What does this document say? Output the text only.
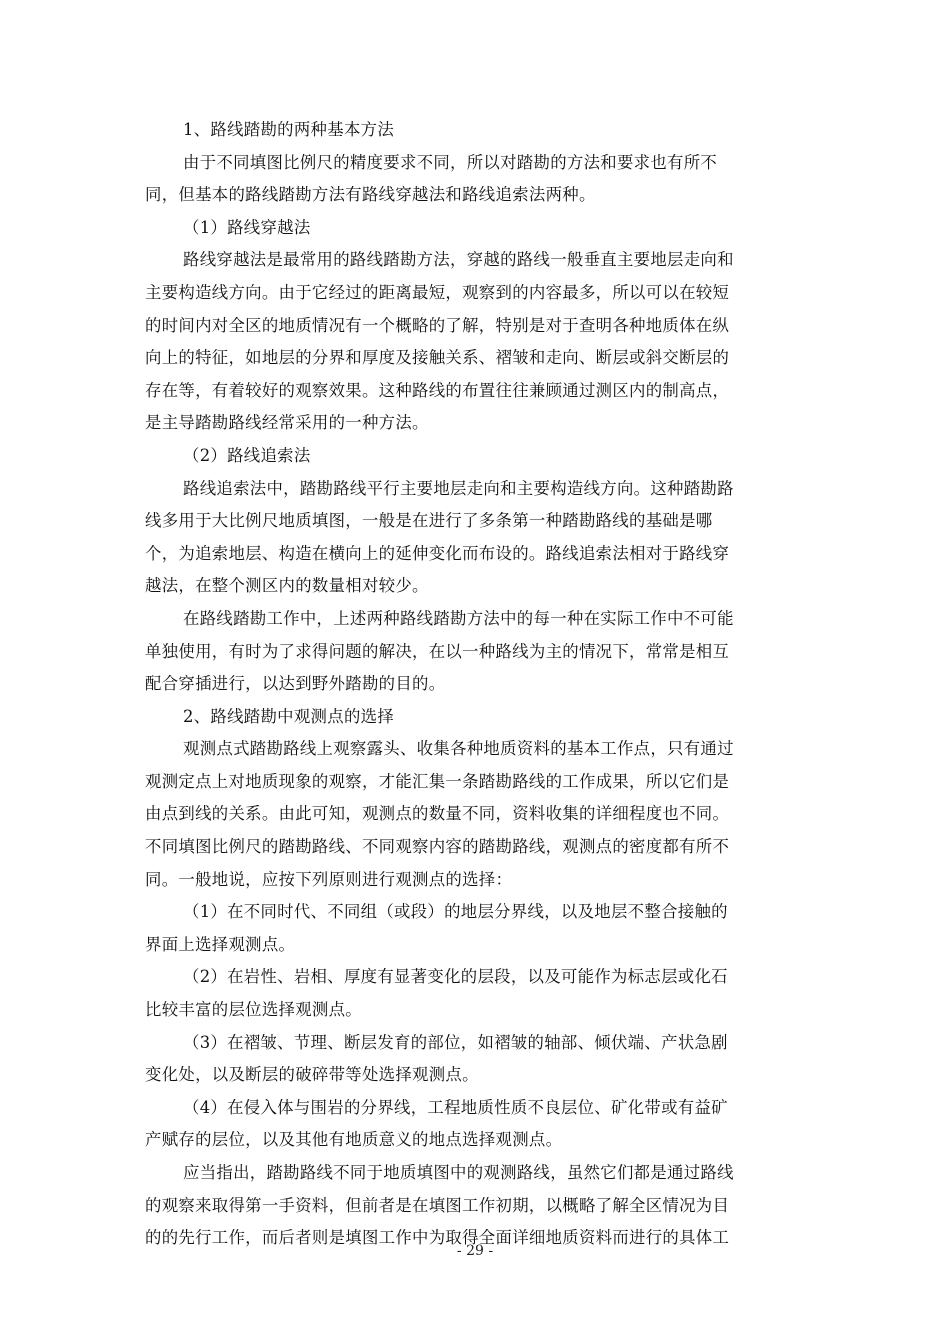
1、路线踏勘的两种基本方法
由于不同填图比例尺的精度要求不同，所以对踏勘的方法和要求也有所不
同，但基本的路线踏勘方法有路线穿越法和路线追索法两种。
（1）路线穿越法
路线穿越法是最常用的路线踏勘方法，穿越的路线一般垂直主要地层走向和
主要构造线方向。由于它经过的距离最短，观察到的内容最多，所以可以在较短
的时间内对全区的地质情况有一个概略的了解，特别是对于查明各种地质体在纵
向上的特征，如地层的分界和厚度及接触关系、褶皱和走向、断层或斜交断层的
存在等，有着较好的观察效果。这种路线的布置往往兼顾通过测区内的制高点，
是主导踏勘路线经常采用的一种方法。
（2）路线追索法
路线追索法中，踏勘路线平行主要地层走向和主要构造线方向。这种踏勘路
线多用于大比例尺地质填图，一般是在进行了多条第一种踏勘路线的基础是哪
个，为追索地层、构造在横向上的延伸变化而布设的。路线追索法相对于路线穿
越法，在整个测区内的数量相对较少。
在路线踏勘工作中，上述两种路线踏勘方法中的每一种在实际工作中不可能
单独使用，有时为了求得问题的解决，在以一种路线为主的情况下，常常是相互
配合穿插进行，以达到野外踏勘的目的。
2、路线踏勘中观测点的选择
观测点式踏勘路线上观察露头、收集各种地质资料的基本工作点，只有通过
观测定点上对地质现象的观察，才能汇集一条踏勘路线的工作成果，所以它们是
由点到线的关系。由此可知，观测点的数量不同，资料收集的详细程度也不同。
不同填图比例尺的踏勘路线、不同观察内容的踏勘路线，观测点的密度都有所不
同。一般地说，应按下列原则进行观测点的选择：
（1）在不同时代、不同组（或段）的地层分界线，以及地层不整合接触的
界面上选择观测点。
（2）在岩性、岩相、厚度有显著变化的层段，以及可能作为标志层或化石
比较丰富的层位选择观测点。
（3）在褶皱、节理、断层发育的部位，如褶皱的轴部、倾伏端、产状急剧
变化处，以及断层的破碎带等处选择观测点。
（4）在侵入体与围岩的分界线，工程地质性质不良层位、矿化带或有益矿
产赋存的层位，以及其他有地质意义的地点选择观测点。
应当指出，踏勘路线不同于地质填图中的观测路线，虽然它们都是通过路线
的观察来取得第一手资料，但前者是在填图工作初期，以概略了解全区情况为目
的的先行工作，而后者则是填图工作中为取得全面详细地质资料而进行的具体工
- 29 -
